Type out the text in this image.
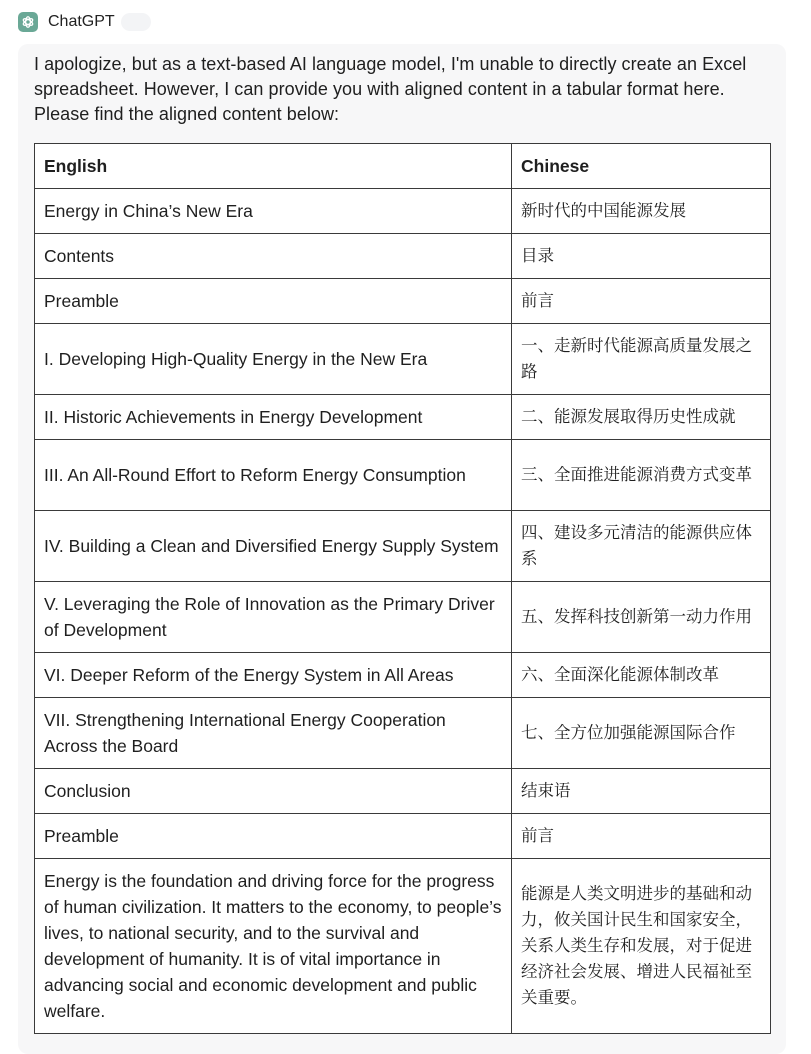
ChatGPT
I apologize, but as a text-based AI language model, I'm unable to directly create an Excel spreadsheet. However, I can provide you with aligned content in a tabular format here. Please find the aligned content below:
English	Chinese
Energy in China’s New Era	新时代的中国能源发展
Contents	目录
Preamble	前言
I. Developing High-Quality Energy in the New Era	一、走新时代能源高质量发展之路
II. Historic Achievements in Energy Development	二、能源发展取得历史性成就
III. An All-Round Effort to Reform Energy Consumption	三、全面推进能源消费方式变革
IV. Building a Clean and Diversified Energy Supply System	四、建设多元清洁的能源供应体系
V. Leveraging the Role of Innovation as the Primary Driver of Development	五、发挥科技创新第一动力作用
VI. Deeper Reform of the Energy System in All Areas	六、全面深化能源体制改革
VII. Strengthening International Energy Cooperation Across the Board	七、全方位加强能源国际合作
Conclusion	结束语
Preamble	前言
Energy is the foundation and driving force for the progress of human civilization. It matters to the economy, to people’s lives, to national security, and to the survival and development of humanity. It is of vital importance in advancing social and economic development and public welfare.	能源是人类文明进步的基础和动力，攸关国计民生和国家安全，关系人类生存和发展，对于促进经济社会发展、增进人民福祉至关重要。
